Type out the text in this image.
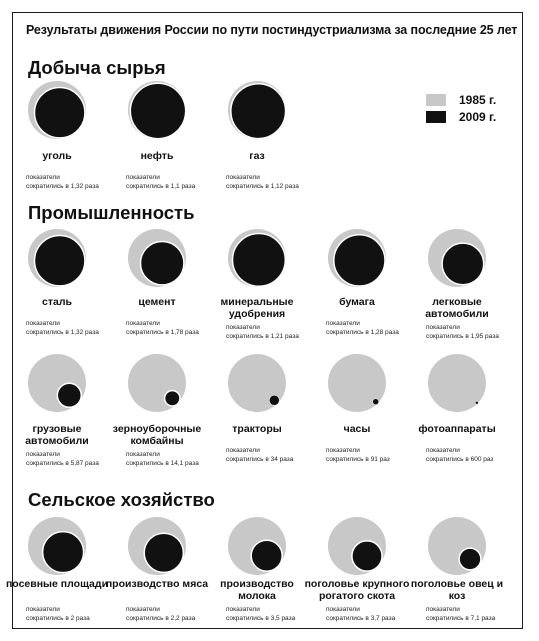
Результаты движения России по пути постиндустриализма за последние 25 лет
Добыча сырья
Промышленность
Сельское хозяйство
1985 г.
2009 г.
уголь
показатели
сократились в 1,32 раза
нефть
показатели
сократились в 1,1 раза
газ
показатели
сократились в 1,12 раза
сталь
показатели
сократились в 1,32 раза
цемент
показатели
сократились в 1,78 раза
минеральные удобрения
показатели
сократились в 1,21 раза
бумага
показатели
сократились в 1,28 раза
легковые автомобили
показатели
сократились в 1,95 раза
грузовые автомобили
показатели
сократились в 5,87 раза
зерноуборочные комбайны
показатели
сократились в 14,1 раза
тракторы
показатели
сократились в 34 раза
часы
показатели
сократились в 91 раз
фотоаппараты
показатели
сократились в 600 раз
посевные площади
показатели
сократились в 2 раза
производство мяса
показатели
сократились в 2,2 раза
производство молока
показатели
сократились в 3,5 раза
поголовье крупного рогатого скота
показатели
сократились в 3,7 раза
поголовье овец и коз
показатели
сократились в 7,1 раза
